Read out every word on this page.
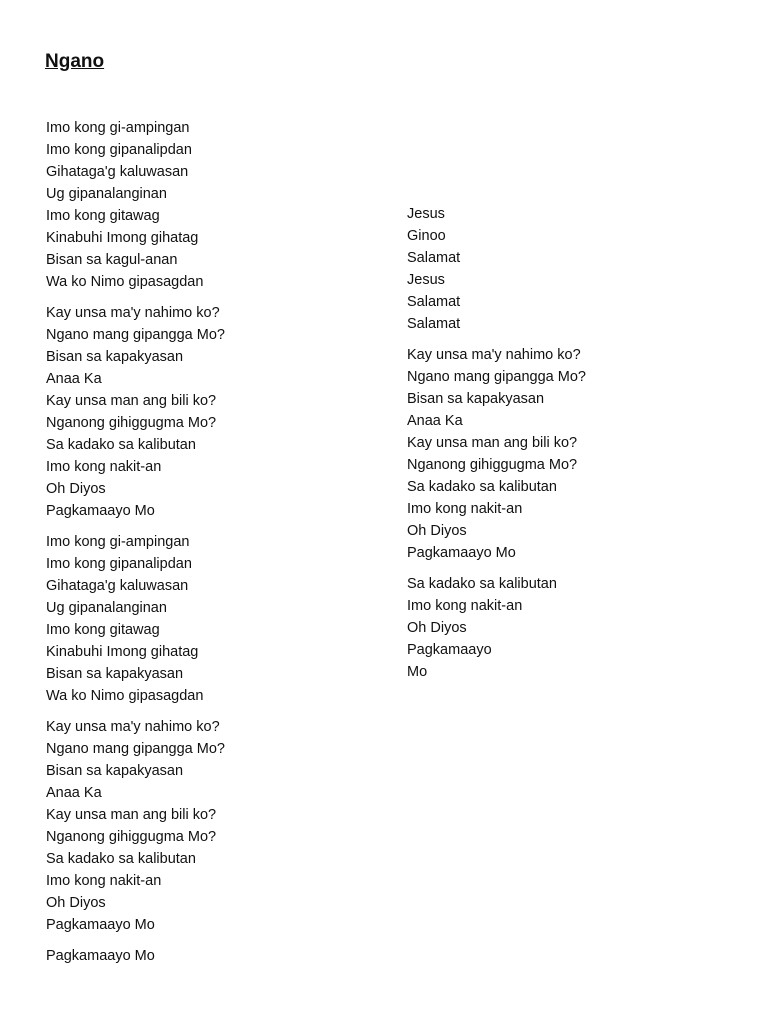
Ngano
Imo kong gi-ampingan
Imo kong gipanalipdan
Gihataga'g kaluwasan
Ug gipanalanginan
Imo kong gitawag
Kinabuhi Imong gihatag
Bisan sa kagul-anan
Wa ko Nimo gipasagdan
Kay unsa ma'y nahimo ko?
Ngano mang gipangga Mo?
Bisan sa kapakyasan
Anaa Ka
Kay unsa man ang bili ko?
Nganong gihiggugma Mo?
Sa kadako sa kalibutan
Imo kong nakit-an
Oh Diyos
Pagkamaayo Mo
Imo kong gi-ampingan
Imo kong gipanalipdan
Gihataga'g kaluwasan
Ug gipanalanginan
Imo kong gitawag
Kinabuhi Imong gihatag
Bisan sa kapakyasan
Wa ko Nimo gipasagdan
Kay unsa ma'y nahimo ko?
Ngano mang gipangga Mo?
Bisan sa kapakyasan
Anaa Ka
Kay unsa man ang bili ko?
Nganong gihiggugma Mo?
Sa kadako sa kalibutan
Imo kong nakit-an
Oh Diyos
Pagkamaayo Mo
Pagkamaayo Mo
Jesus
Ginoo
Salamat
Jesus
Salamat
Salamat
Kay unsa ma'y nahimo ko?
Ngano mang gipangga Mo?
Bisan sa kapakyasan
Anaa Ka
Kay unsa man ang bili ko?
Nganong gihiggugma Mo?
Sa kadako sa kalibutan
Imo kong nakit-an
Oh Diyos
Pagkamaayo Mo
Sa kadako sa kalibutan
Imo kong nakit-an
Oh Diyos
Pagkamaayo
Mo
